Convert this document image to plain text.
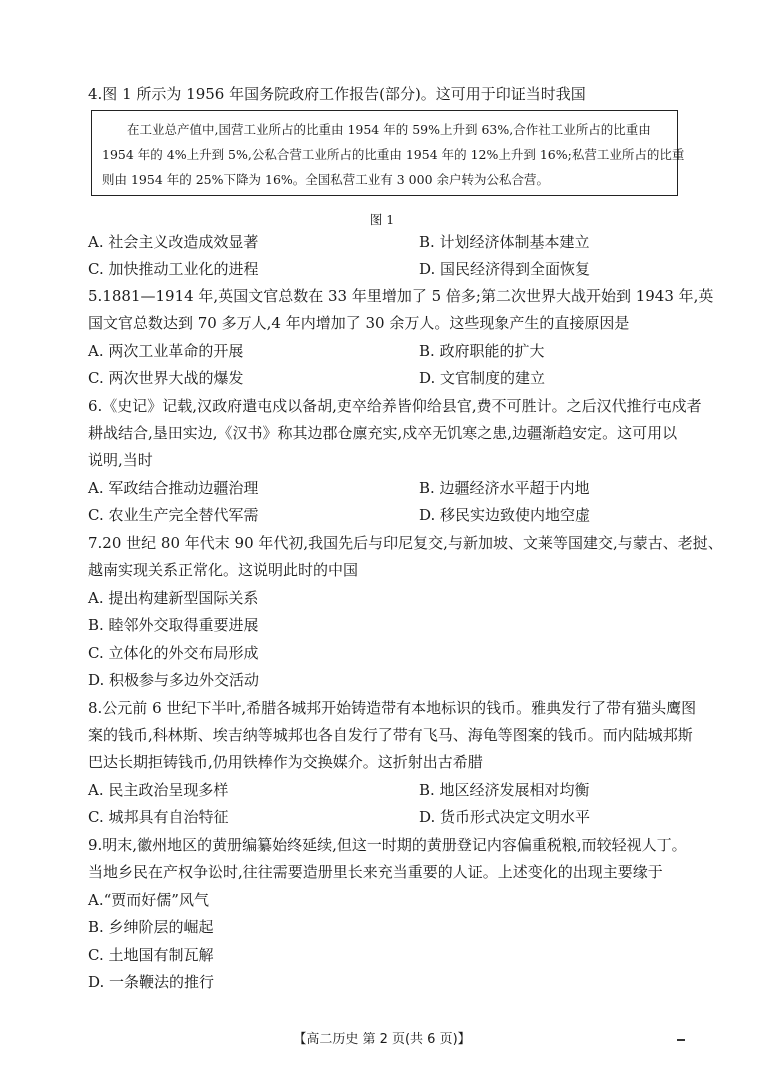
4.图 1 所示为 1956 年国务院政府工作报告(部分)。这可用于印证当时我国
在工业总产值中,国营工业所占的比重由 1954 年的 59%上升到 63%,合作社工业所占的比重由
1954 年的 4%上升到 5%,公私合营工业所占的比重由 1954 年的 12%上升到 16%;私营工业所占的比重
则由 1954 年的 25%下降为 16%。全国私营工业有 3 000 余户转为公私合营。
图 1
A. 社会主义改造成效显著	B. 计划经济体制基本建立
C. 加快推动工业化的进程	D. 国民经济得到全面恢复
5.1881—1914 年,英国文官总数在 33 年里增加了 5 倍多;第二次世界大战开始到 1943 年,英
国文官总数达到 70 多万人,4 年内增加了 30 余万人。这些现象产生的直接原因是
A. 两次工业革命的开展	B. 政府职能的扩大
C. 两次世界大战的爆发	D. 文官制度的建立
6.《史记》记载,汉政府遣屯戍以备胡,吏卒给养皆仰给县官,费不可胜计。之后汉代推行屯戍者
耕战结合,垦田实边,《汉书》称其边郡仓廪充实,戍卒无饥寒之患,边疆渐趋安定。这可用以
说明,当时
A. 军政结合推动边疆治理	B. 边疆经济水平超于内地
C. 农业生产完全替代军需	D. 移民实边致使内地空虚
7.20 世纪 80 年代末 90 年代初,我国先后与印尼复交,与新加坡、文莱等国建交,与蒙古、老挝、
越南实现关系正常化。这说明此时的中国
A. 提出构建新型国际关系
B. 睦邻外交取得重要进展
C. 立体化的外交布局形成
D. 积极参与多边外交活动
8.公元前 6 世纪下半叶,希腊各城邦开始铸造带有本地标识的钱币。雅典发行了带有猫头鹰图
案的钱币,科林斯、埃吉纳等城邦也各自发行了带有飞马、海龟等图案的钱币。而内陆城邦斯
巴达长期拒铸钱币,仍用铁棒作为交换媒介。这折射出古希腊
A. 民主政治呈现多样	B. 地区经济发展相对均衡
C. 城邦具有自治特征	D. 货币形式决定文明水平
9.明末,徽州地区的黄册编纂始终延续,但这一时期的黄册登记内容偏重税粮,而较轻视人丁。
当地乡民在产权争讼时,往往需要造册里长来充当重要的人证。上述变化的出现主要缘于
A.“贾而好儒”风气
B. 乡绅阶层的崛起
C. 土地国有制瓦解
D. 一条鞭法的推行
【高二历史 第 2 页(共 6 页)】
